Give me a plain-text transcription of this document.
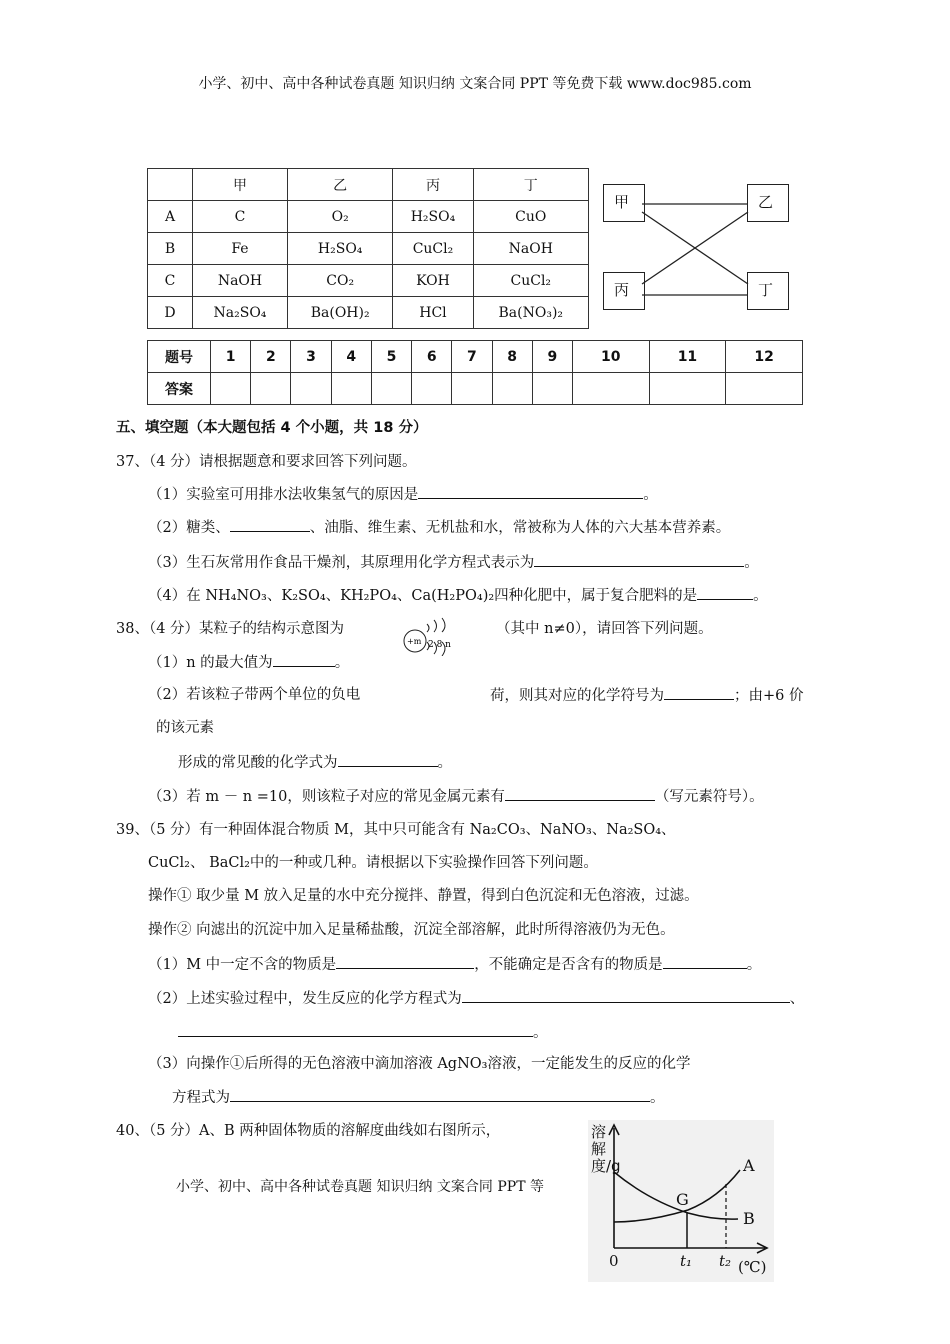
小学、初中、高中各种试卷真题 知识归纳 文案合同 PPT 等免费下载 www.doc985.com
	甲	乙	丙	丁
A	C	O₂	H₂SO₄	CuO
B	Fe	H₂SO₄	CuCl₂	NaOH
C	NaOH	CO₂	KOH	CuCl₂
D	Na₂SO₄	Ba(OH)₂	HCl	Ba(NO₃)₂
甲	乙
丙	丁
题号	1	2	3	4	5	6	7	8	9	10	11	12
答案												
五、填空题（本大题包括 4 个小题，共 18 分）
37、（4 分）请根据题意和要求回答下列问题。
（1）实验室可用排水法收集氢气的原因是	。
（2）糖类、	、油脂、维生素、无机盐和水，常被称为人体的六大基本营养素。
（3）生石灰常用作食品干燥剂，其原理用化学方程式表示为	。
（4）在 NH₄NO₃、K₂SO₄、KH₂PO₄、Ca(H₂PO₄)₂四种化肥中，属于复合肥料的是	。
38、（4 分）某粒子的结构示意图为
+m 2 8 n
（其中 n≠0），请回答下列问题。
（1）n 的最大值为	。
（2）若该粒子带两个单位的负电	荷，则其对应的化学符号为	；由+6 价
的该元素
形成的常见酸的化学式为	。
（3）若 m － n =10，则该粒子对应的常见金属元素有	（写元素符号）。
39、（5 分）有一种固体混合物质 M，其中只可能含有 Na₂CO₃、NaNO₃、Na₂SO₄、
CuCl₂、 BaCl₂中的一种或几种。请根据以下实验操作回答下列问题。
操作① 取少量 M 放入足量的水中充分搅拌、静置，得到白色沉淀和无色溶液，过滤。
操作② 向滤出的沉淀中加入足量稀盐酸，沉淀全部溶解，此时所得溶液仍为无色。
（1）M 中一定不含的物质是	，不能确定是否含有的物质是	。
（2）上述实验过程中，发生反应的化学方程式为	、
。
（3）向操作①后所得的无色溶液中滴加溶液 AgNO₃溶液，一定能发生的反应的化学
方程式为	。
40、（5 分）A、B 两种固体物质的溶解度曲线如右图所示，
小学、初中、高中各种试卷真题 知识归纳 文案合同 PPT 等
溶解度/g
0	t₁ t₂ (℃)
A
B
G
